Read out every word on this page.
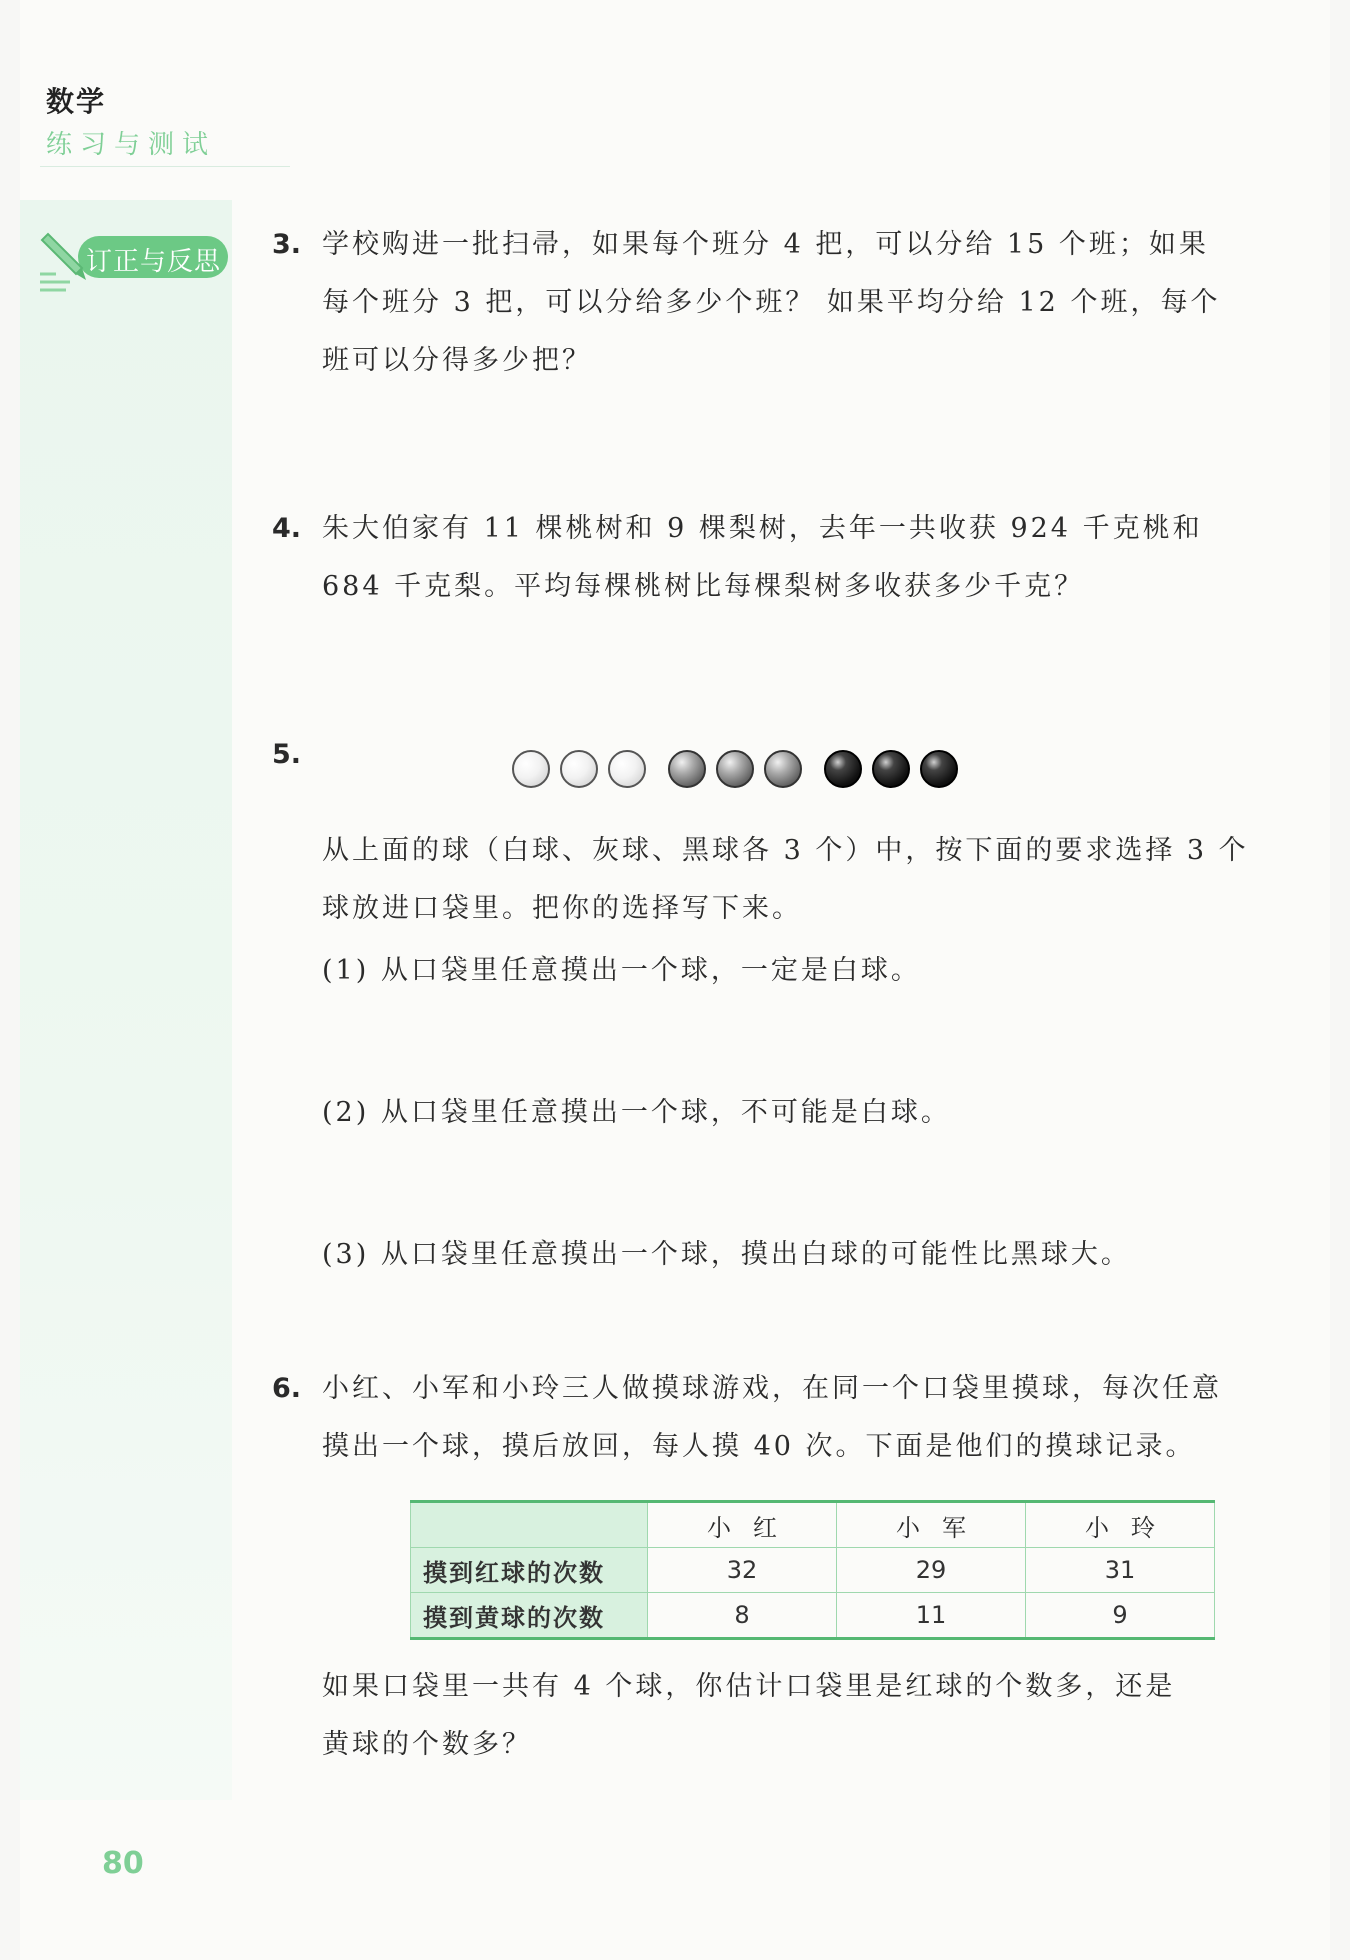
数学
练习与测试
订正与反思
3. 学校购进一批扫帚，如果每个班分 4 把，可以分给 15 个班；如果
每个班分 3 把，可以分给多少个班？ 如果平均分给 12 个班，每个
班可以分得多少把？
4. 朱大伯家有 11 棵桃树和 9 棵梨树，去年一共收获 924 千克桃和
684 千克梨。平均每棵桃树比每棵梨树多收获多少千克？
5.
从上面的球（白球、灰球、黑球各 3 个）中，按下面的要求选择 3 个
球放进口袋里。把你的选择写下来。
(1) 从口袋里任意摸出一个球，一定是白球。
(2) 从口袋里任意摸出一个球，不可能是白球。
(3) 从口袋里任意摸出一个球，摸出白球的可能性比黑球大。
6. 小红、小军和小玲三人做摸球游戏，在同一个口袋里摸球，每次任意
摸出一个球，摸后放回，每人摸 40 次。下面是他们的摸球记录。
	小红	小军	小玲
摸到红球的次数	32	29	31
摸到黄球的次数	8	11	9
如果口袋里一共有 4 个球，你估计口袋里是红球的个数多，还是
黄球的个数多？
80
